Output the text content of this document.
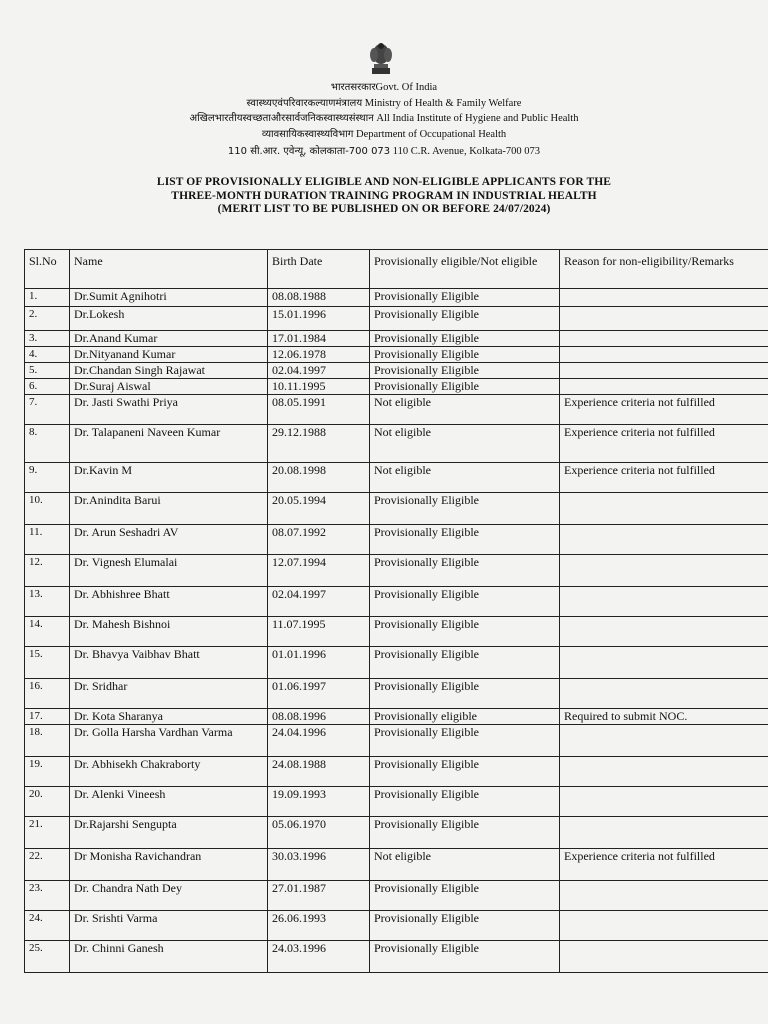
भारतसरकारGovt. Of India
स्वास्थ्यएवंपरिवारकल्याणमंत्रालय Ministry of Health & Family Welfare
अखिलभारतीयस्वच्छताऔरसार्वजनिकस्वास्थ्यसंस्थान All India Institute of Hygiene and Public Health
व्यावसायिकस्वास्थ्यविभाग Department of Occupational Health
110 सी.आर. एवेन्यू, कोलकाता-700 073 110 C.R. Avenue, Kolkata-700 073
LIST OF PROVISIONALLY ELIGIBLE AND NON-ELIGIBLE APPLICANTS FOR THE
THREE-MONTH DURATION TRAINING PROGRAM IN INDUSTRIAL HEALTH
(MERIT LIST TO BE PUBLISHED ON OR BEFORE 24/07/2024)
Sl.No	Name	Birth Date	Provisionally eligible/Not eligible	Reason for non-eligibility/Remarks
1.	Dr.Sumit Agnihotri	08.08.1988	Provisionally Eligible	
2.	Dr.Lokesh	15.01.1996	Provisionally Eligible	
3.	Dr.Anand Kumar	17.01.1984	Provisionally Eligible	
4.	Dr.Nityanand Kumar	12.06.1978	Provisionally Eligible	
5.	Dr.Chandan Singh Rajawat	02.04.1997	Provisionally Eligible	
6.	Dr.Suraj Aiswal	10.11.1995	Provisionally Eligible	
7.	Dr. Jasti Swathi Priya	08.05.1991	Not eligible	Experience criteria not fulfilled
8.	Dr. Talapaneni Naveen Kumar	29.12.1988	Not eligible	Experience criteria not fulfilled
9.	Dr.Kavin M	20.08.1998	Not eligible	Experience criteria not fulfilled
10.	Dr.Anindita Barui	20.05.1994	Provisionally Eligible	
11.	Dr. Arun Seshadri AV	08.07.1992	Provisionally Eligible	
12.	Dr. Vignesh Elumalai	12.07.1994	Provisionally Eligible	
13.	Dr. Abhishree Bhatt	02.04.1997	Provisionally Eligible	
14.	Dr. Mahesh Bishnoi	11.07.1995	Provisionally Eligible	
15.	Dr. Bhavya Vaibhav Bhatt	01.01.1996	Provisionally Eligible	
16.	Dr. Sridhar	01.06.1997	Provisionally Eligible	
17.	Dr. Kota Sharanya	08.08.1996	Provisionally eligible	Required to submit NOC.
18.	Dr. Golla Harsha Vardhan Varma	24.04.1996	Provisionally Eligible	
19.	Dr. Abhisekh Chakraborty	24.08.1988	Provisionally Eligible	
20.	Dr. Alenki Vineesh	19.09.1993	Provisionally Eligible	
21.	Dr.Rajarshi Sengupta	05.06.1970	Provisionally Eligible	
22.	Dr Monisha Ravichandran	30.03.1996	Not eligible	Experience criteria not fulfilled
23.	Dr. Chandra Nath Dey	27.01.1987	Provisionally Eligible	
24.	Dr. Srishti Varma	26.06.1993	Provisionally Eligible	
25.	Dr. Chinni Ganesh	24.03.1996	Provisionally Eligible	
